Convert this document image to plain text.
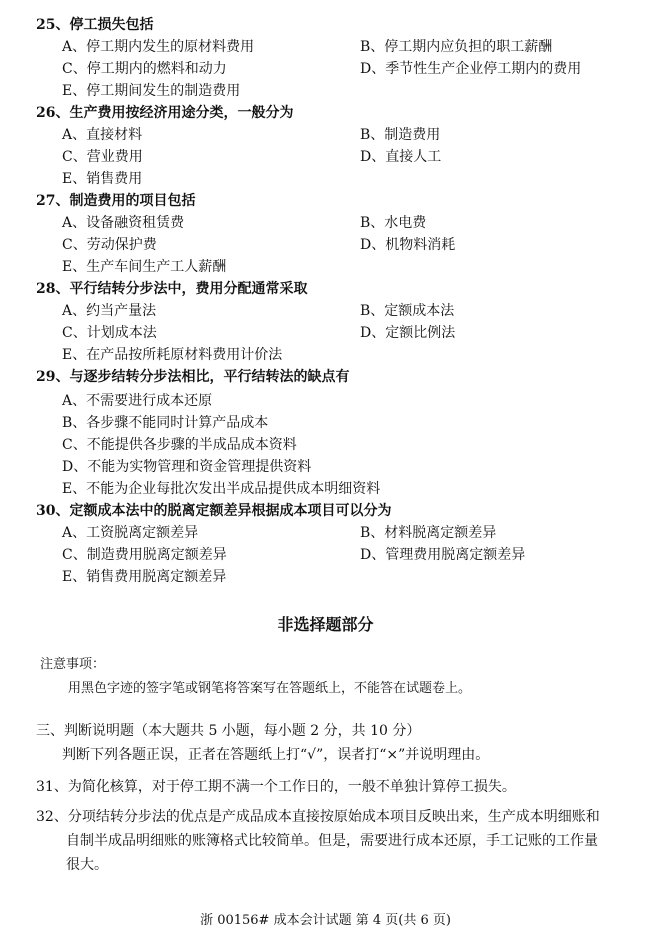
25、停工损失包括
A、停工期内发生的原材料费用	B、停工期内应负担的职工薪酬
C、停工期内的燃料和动力	D、季节性生产企业停工期内的费用
E、停工期间发生的制造费用
26、生产费用按经济用途分类，一般分为
A、直接材料	B、制造费用
C、营业费用	D、直接人工
E、销售费用
27、制造费用的项目包括
A、设备融资租赁费	B、水电费
C、劳动保护费	D、机物料消耗
E、生产车间生产工人薪酬
28、平行结转分步法中，费用分配通常采取
A、约当产量法	B、定额成本法
C、计划成本法	D、定额比例法
E、在产品按所耗原材料费用计价法
29、与逐步结转分步法相比，平行结转法的缺点有
A、不需要进行成本还原
B、各步骤不能同时计算产品成本
C、不能提供各步骤的半成品成本资料
D、不能为实物管理和资金管理提供资料
E、不能为企业每批次发出半成品提供成本明细资料
30、定额成本法中的脱离定额差异根据成本项目可以分为
A、工资脱离定额差异	B、材料脱离定额差异
C、制造费用脱离定额差异	D、管理费用脱离定额差异
E、销售费用脱离定额差异
非选择题部分
注意事项：
用黑色字迹的签字笔或钢笔将答案写在答题纸上，不能答在试题卷上。
三、判断说明题（本大题共 5 小题，每小题 2 分，共 10 分）
判断下列各题正误，正者在答题纸上打“√”，误者打“×”并说明理由。
31、为简化核算，对于停工期不满一个工作日的，一般不单独计算停工损失。
32、分项结转分步法的优点是产成品成本直接按原始成本项目反映出来，生产成本明细账和
自制半成品明细账的账簿格式比较简单。但是，需要进行成本还原，手工记账的工作量
很大。
浙 00156# 成本会计试题 第 4 页(共 6 页)
